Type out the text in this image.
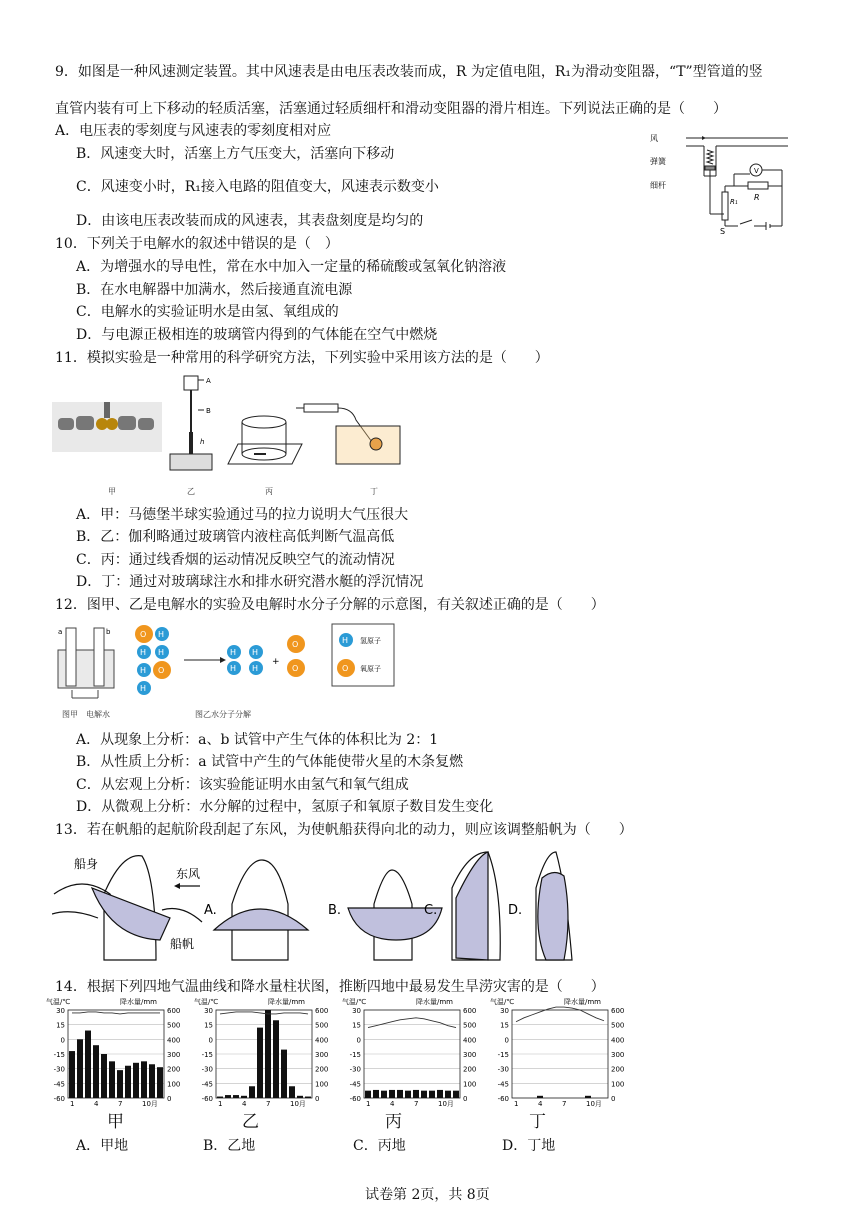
9．如图是一种风速测定装置。其中风速表是由电压表改装而成，R 为定值电阻，R₁为滑动变阻器，“T”型管道的竖
直管内装有可上下移动的轻质活塞，活塞通过轻质细杆和滑动变阻器的滑片相连。下列说法正确的是（　　）
A．电压表的零刻度与风速表的零刻度相对应
B．风速变大时，活塞上方气压变大，活塞向下移动
C．风速变小时，R₁接入电路的阻值变大，风速表示数变小
D．由该电压表改装而成的风速表，其表盘刻度是均匀的
风
弹簧
细杆
V
R
R₁
S
10．下列关于电解水的叙述中错误的是（　）
A．为增强水的导电性，常在水中加入一定量的稀硫酸或氢氧化钠溶液
B．在水电解器中加满水，然后接通直流电源
C．电解水的实验证明水是由氢、氧组成的
D．与电源正极相连的玻璃管内得到的气体能在空气中燃烧
11．模拟实验是一种常用的科学研究方法，下列实验中采用该方法的是（　　）
A
B
h
甲	乙	丙	丁
A．甲：马德堡半球实验通过马的拉力说明大气压很大
B．乙：伽利略通过玻璃管内液柱高低判断气温高低
C．丙：通过线香烟的运动情况反映空气的流动情况
D．丁：通过对玻璃球注水和排水研究潜水艇的浮沉情况
12．图甲、乙是电解水的实验及电解时水分子分解的示意图，有关叙述正确的是（　　）
a	b	O H
H H
H O
H
H
H
H
H
+
O
O
H
O
氢原子
氧原子
图甲　电解水	图乙水分子分解
A．从现象上分析：a、b 试管中产生气体的体积比为 2：1
B．从性质上分析：a 试管中产生的气体能使带火星的木条复燃
C．从宏观上分析：该实验能证明水由氢气和氧气组成
D．从微观上分析：水分解的过程中，氢原子和氧原子数目发生变化
13．若在帆船的起航阶段刮起了东风，为使帆船获得向北的动力，则应该调整船帆为（　　）
船身
东风
船帆
A.	B.	C.	D.
14．根据下列四地气温曲线和降水量柱状图，推断四地中最易发生旱涝灾害的是（　　）
气温/℃	降水量/mm
30	600
15	500
0	400
-15	300
-30	200
-45	100
-60	0
1	4	7	10月
气温/℃	降水量/mm
30	600
15	500
0	400
-15	300
-30	200
-45	100
-60	0
1	4	7	10月
气温/℃	降水量/mm
30	600
15	500
0	400
-15	300
-30	200
-45	100
-60	0
1	4	7	10月
气温/℃	降水量/mm
30	600
15	500
0	400
-15	300
-30	200
-45	100
-60	0
1	4	7	10月
甲	乙	丙	丁
A．甲地	B．乙地	C．丙地	D．丁地
试卷第 2页，共 8页
